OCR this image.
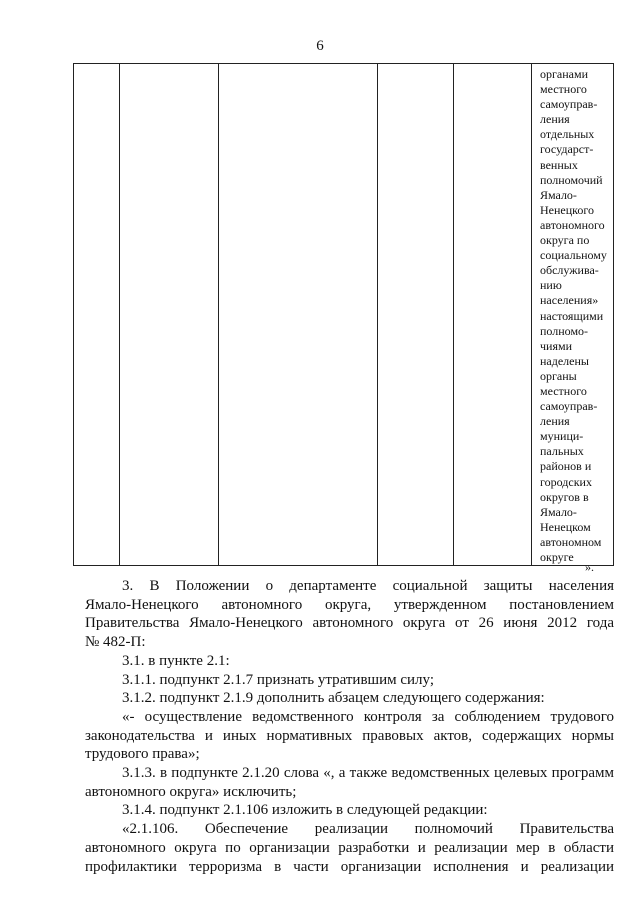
6

органами
местного
самоуправ-
ления
отдельных
государст-
венных
полномочий
Ямало-
Ненецкого
автономного
округа по
социальному
обслужива-
нию
населения»
настоящими
полномо-
чиями
наделены
органы
местного
самоуправ-
ления
муници-
пальных
районов и
городских
округов в
Ямало-
Ненецком
автономном
округе
».

3. В Положении о департаменте социальной защиты населения

Ямало-Ненецкого автономного округа, утвержденном постановлением

Правительства Ямало-Ненецкого автономного округа от 26 июня 2012 года

№ 482-П:

3.1. в пункте 2.1:

3.1.1. подпункт 2.1.7 признать утратившим силу;

3.1.2. подпункт 2.1.9 дополнить абзацем следующего содержания:

«- осуществление ведомственного контроля за соблюдением трудового

законодательства и иных нормативных правовых актов, содержащих нормы

трудового права»;

3.1.3. в подпункте 2.1.20 слова «, а также ведомственных целевых программ

автономного округа» исключить;

3.1.4. подпункт 2.1.106 изложить в следующей редакции:

«2.1.106. Обеспечение реализации полномочий Правительства

автономного округа по организации разработки и реализации мер в области

профилактики терроризма в части организации исполнения и реализации
